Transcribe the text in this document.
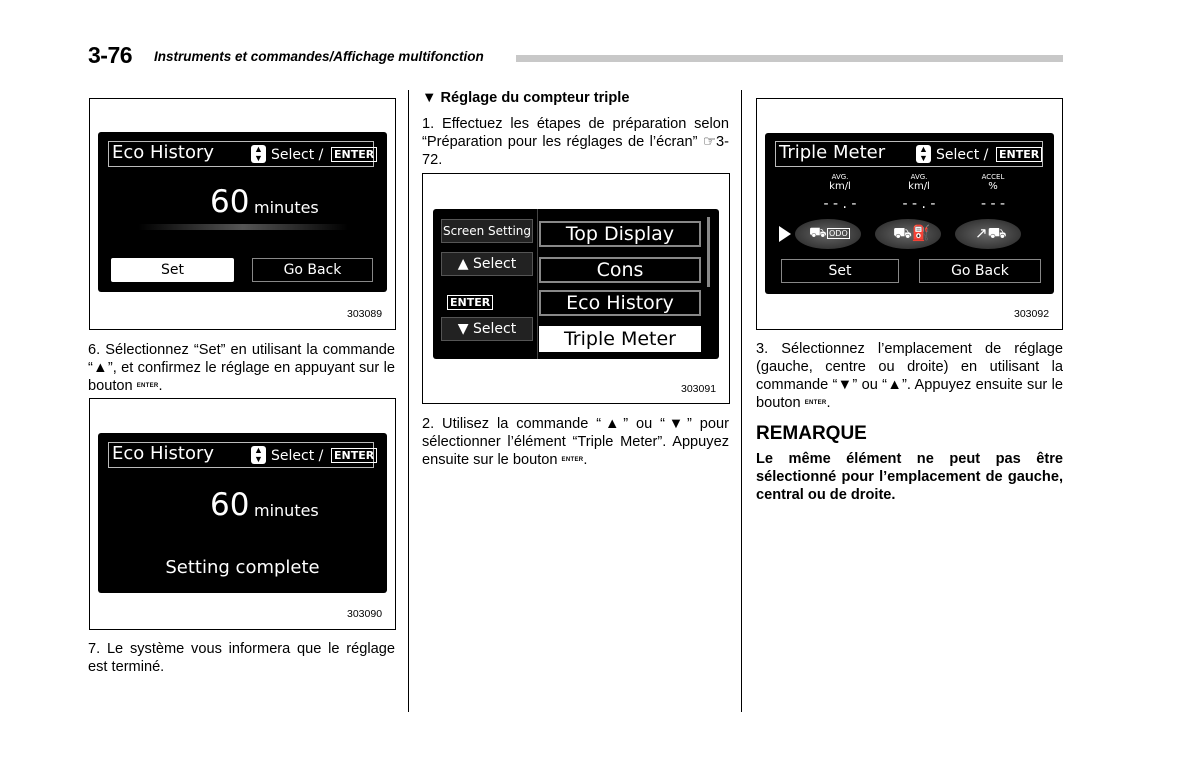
3-76 Instruments et commandes/Affichage multifonction
Eco History	▲
▼ Select / ENTER
60 minutes
Set	Go Back
303089
6. Sélectionnez “Set” en utilisant la commande “▲”, et confirmez le réglage en appuyant sur le bouton ENTER.
Eco History	▲
▼ Select / ENTER
60 minutes
Setting complete
303090
7. Le système vous informera que le réglage est terminé.
▼ Réglage du compteur triple
1. Effectuez les étapes de préparation selon “Préparation pour les réglages de l’écran” ☞3-72.
Screen Setting
▲ Select
▼ Select
ENTER
Top Display
Cons
Eco History
Triple Meter
303091
2. Utilisez la commande “▲” ou “▼” pour sélectionner l’élément “Triple Meter”. Appuyez ensuite sur le bouton ENTER.
Triple Meter	▲
▼ Select / ENTER
AVG.
km/l
- - . -
AVG.
km/l
- - . -
ACCEL
%
- - -
⛟ ODO	⛟⛽	↗⛟
Set	Go Back
303092
3. Sélectionnez l’emplacement de réglage (gauche, centre ou droite) en utilisant la commande “▼” ou “▲”. Appuyez ensuite sur le bouton ENTER.
REMARQUE
Le même élément ne peut pas être sélectionné pour l’emplacement de gauche, central ou de droite.
